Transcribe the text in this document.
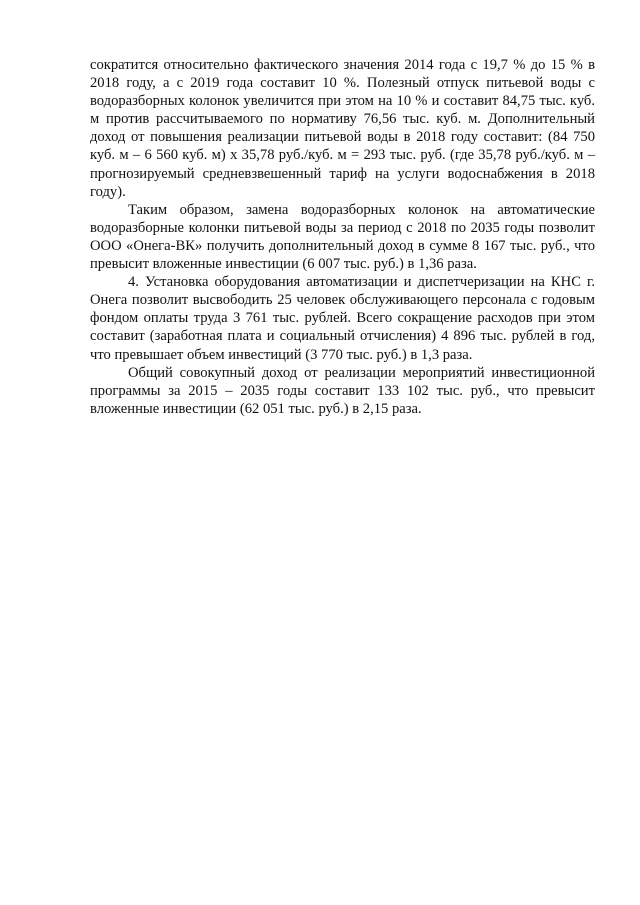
сократится относительно фактического значения 2014 года с 19,7 % до 15 % в 2018 году, а с 2019 года составит 10 %. Полезный отпуск питьевой воды с водоразборных колонок увеличится при этом на 10 % и составит 84,75 тыс. куб. м против рассчитываемого по нормативу 76,56 тыс. куб. м. Дополнительный доход от повышения реализации питьевой воды в 2018 году составит: (84 750 куб. м – 6 560 куб. м) х 35,78 руб./куб. м = 293 тыс. руб. (где 35,78 руб./куб. м – прогнозируемый средневзвешенный тариф на услуги водоснабжения в 2018 году).

Таким образом, замена водоразборных колонок на автоматические водоразборные колонки питьевой воды за период с 2018 по 2035 годы позволит ООО «Онега-ВК» получить дополнительный доход в сумме 8 167 тыс. руб., что превысит вложенные инвестиции (6 007 тыс. руб.) в 1,36 раза.

4. Установка оборудования автоматизации и диспетчеризации на КНС г. Онега позволит высвободить 25 человек обслуживающего персонала с годовым фондом оплаты труда 3 761 тыс. рублей. Всего сокращение расходов при этом составит (заработная плата и социальный отчисления) 4 896 тыс. рублей в год, что превышает объем инвестиций (3 770 тыс. руб.) в 1,3 раза.

Общий совокупный доход от реализации мероприятий инвестиционной программы за 2015 – 2035 годы составит 133 102 тыс. руб., что превысит вложенные инвестиции (62 051 тыс. руб.) в 2,15 раза.
